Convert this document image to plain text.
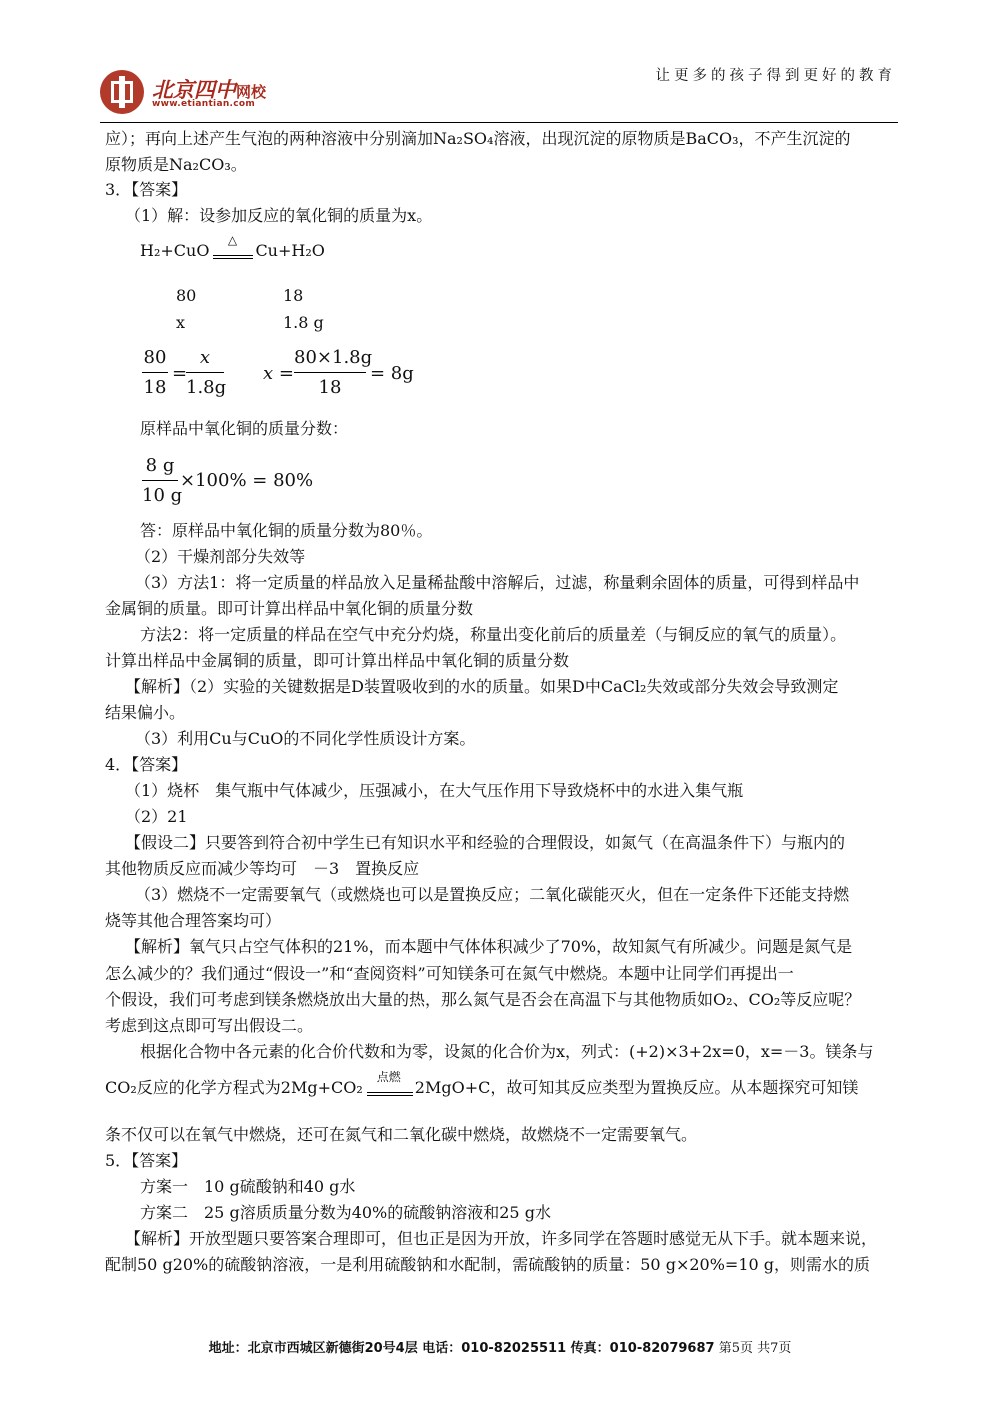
北京四中网校
www.etiantian.com
让更多的孩子得到更好的教育
应）；再向上述产生气泡的两种溶液中分别滴加Na₂SO₄溶液，出现沉淀的原物质是BaCO₃，不产生沉淀的
原物质是Na₂CO₃。
3．【答案】
（1）解：设参加反应的氧化铜的质量为x。
H₂+CuO
△
Cu+H₂O
80	18
x	1.8 g
80
18
=
x
1.8g
x =
80×1.8g
18
= 8g
原样品中氧化铜的质量分数：
8 g
10 g
×100% = 80%
答：原样品中氧化铜的质量分数为80％。
（2）干燥剂部分失效等
（3）方法1：将一定质量的样品放入足量稀盐酸中溶解后，过滤，称量剩余固体的质量，可得到样品中
金属铜的质量。即可计算出样品中氧化铜的质量分数
方法2：将一定质量的样品在空气中充分灼烧，称量出变化前后的质量差（与铜反应的氧气的质量）。
计算出样品中金属铜的质量，即可计算出样品中氧化铜的质量分数
【解析】（2）实验的关键数据是D装置吸收到的水的质量。如果D中CaCl₂失效或部分失效会导致测定
结果偏小。
（3）利用Cu与CuO的不同化学性质设计方案。
4．【答案】
（1）烧杯　集气瓶中气体减少，压强减小，在大气压作用下导致烧杯中的水进入集气瓶
（2）21
【假设二】只要答到符合初中学生已有知识水平和经验的合理假设，如氮气（在高温条件下）与瓶内的
其他物质反应而减少等均可　－3　置换反应
（3）燃烧不一定需要氧气（或燃烧也可以是置换反应；二氧化碳能灭火，但在一定条件下还能支持燃
烧等其他合理答案均可）
【解析】氧气只占空气体积的21%，而本题中气体体积减少了70%，故知氮气有所减少。问题是氮气是
怎么减少的？我们通过“假设一”和“查阅资料”可知镁条可在氮气中燃烧。本题中让同学们再提出一
个假设，我们可考虑到镁条燃烧放出大量的热，那么氮气是否会在高温下与其他物质如O₂、CO₂等反应呢？
考虑到这点即可写出假设二。
根据化合物中各元素的化合价代数和为零，设氮的化合价为x，列式：(+2)×3+2x=0，x=－3。镁条与
CO₂反应的化学方程式为2Mg+CO₂
点燃
2MgO+C，故可知其反应类型为置换反应。从本题探究可知镁
条不仅可以在氧气中燃烧，还可在氮气和二氧化碳中燃烧，故燃烧不一定需要氧气。
5．【答案】
方案一　10 g硫酸钠和40 g水
方案二　25 g溶质质量分数为40%的硫酸钠溶液和25 g水
【解析】开放型题只要答案合理即可，但也正是因为开放，许多同学在答题时感觉无从下手。就本题来说，
配制50 g20%的硫酸钠溶液，一是利用硫酸钠和水配制，需硫酸钠的质量：50 g×20%=10 g，则需水的质
地址：北京市西城区新德街20号4层 电话：010-82025511 传真：010-82079687 第5页 共7页
